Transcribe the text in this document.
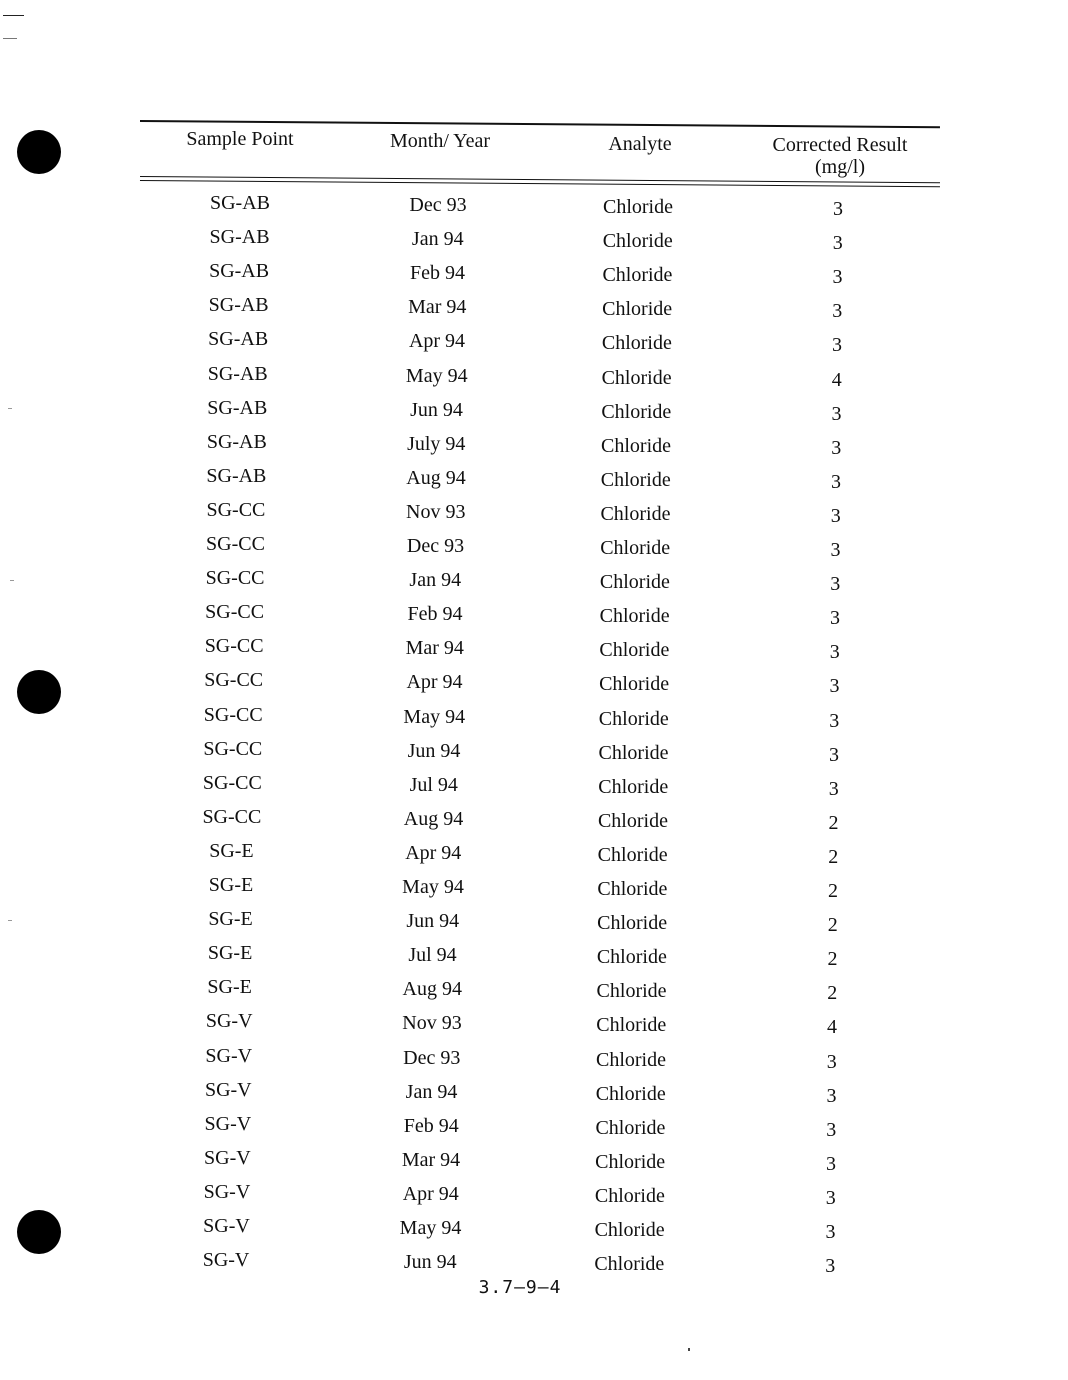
Sample Point	Month/ Year	Analyte	Corrected Result
(mg/l)
SG-AB	Dec 93	Chloride	3
SG-AB	Jan 94	Chloride	3
SG-AB	Feb 94	Chloride	3
SG-AB	Mar 94	Chloride	3
SG-AB	Apr 94	Chloride	3
SG-AB	May 94	Chloride	4
SG-AB	Jun 94	Chloride	3
SG-AB	July 94	Chloride	3
SG-AB	Aug 94	Chloride	3
SG-CC	Nov 93	Chloride	3
SG-CC	Dec 93	Chloride	3
SG-CC	Jan 94	Chloride	3
SG-CC	Feb 94	Chloride	3
SG-CC	Mar 94	Chloride	3
SG-CC	Apr 94	Chloride	3
SG-CC	May 94	Chloride	3
SG-CC	Jun 94	Chloride	3
SG-CC	Jul 94	Chloride	3
SG-CC	Aug 94	Chloride	2
SG-E	Apr 94	Chloride	2
SG-E	May 94	Chloride	2
SG-E	Jun 94	Chloride	2
SG-E	Jul 94	Chloride	2
SG-E	Aug 94	Chloride	2
SG-V	Nov 93	Chloride	4
SG-V	Dec 93	Chloride	3
SG-V	Jan 94	Chloride	3
SG-V	Feb 94	Chloride	3
SG-V	Mar 94	Chloride	3
SG-V	Apr 94	Chloride	3
SG-V	May 94	Chloride	3
SG-V	Jun 94	Chloride	3
3.7–9–4
